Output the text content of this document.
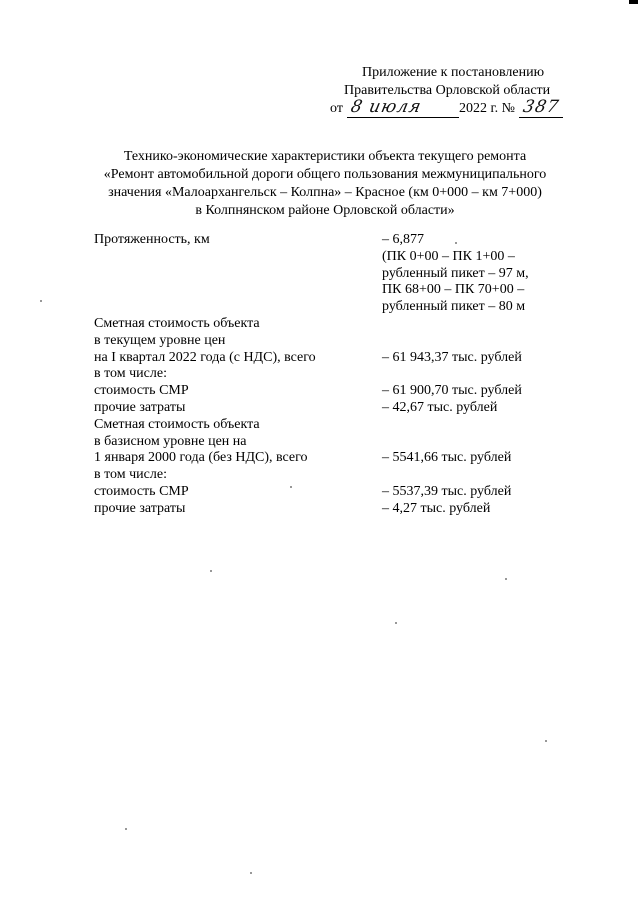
Приложение к постановлению
Правительства Орловской области
от 8 июля	2022 г. № 387
Технико-экономические характеристики объекта текущего ремонта
«Ремонт автомобильной дороги общего пользования межмуниципального
значения «Малоархангельск – Колпна» – Красное (км 0+000 – км 7+000)
в Колпнянском районе Орловской области»
Протяженность, км	– 6,877
(ПК 0+00 – ПК 1+00 –
рубленный пикет – 97 м,
ПК 68+00 – ПК 70+00 –
рубленный пикет – 80 м
Сметная стоимость объекта
в текущем уровне цен
на I квартал 2022 года (с НДС), всего	– 61 943,37 тыс. рублей
в том числе:
стоимость СМР	– 61 900,70 тыс. рублей
прочие затраты	– 42,67 тыс. рублей
Сметная стоимость объекта
в базисном уровне цен на
1 января 2000 года (без НДС), всего	– 5541,66 тыс. рублей
в том числе:
стоимость СМР	– 5537,39 тыс. рублей
прочие затраты	– 4,27 тыс. рублей
